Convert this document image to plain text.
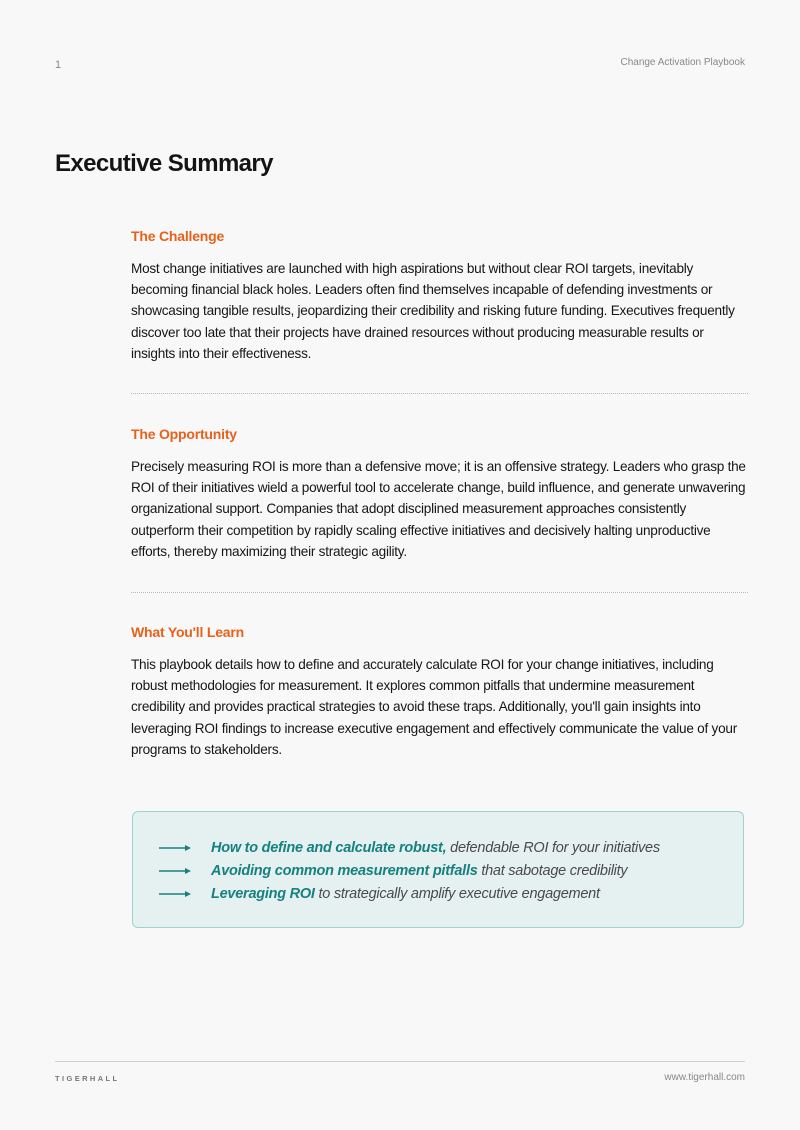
1	Change Activation Playbook
Executive Summary
The Challenge

Most change initiatives are launched with high aspirations but without clear ROI targets, inevitably becoming financial black holes. Leaders often find themselves incapable of defending investments or showcasing tangible results, jeopardizing their credibility and risking future funding. Executives frequently discover too late that their projects have drained resources without producing measurable results or insights into their effectiveness.

The Opportunity

Precisely measuring ROI is more than a defensive move; it is an offensive strategy. Leaders who grasp the ROI of their initiatives wield a powerful tool to accelerate change, build influence, and generate unwavering organizational support. Companies that adopt disciplined measurement approaches consistently outperform their competition by rapidly scaling effective initiatives and decisively halting unproductive efforts, thereby maximizing their strategic agility.

What You'll Learn

This playbook details how to define and accurately calculate ROI for your change initiatives, including robust methodologies for measurement. It explores common pitfalls that undermine measurement credibility and provides practical strategies to avoid these traps. Additionally, you'll gain insights into leveraging ROI findings to increase executive engagement and effectively communicate the value of your programs to stakeholders.

How to define and calculate robust, defendable ROI for your initiatives
Avoiding common measurement pitfalls that sabotage credibility
Leveraging ROI to strategically amplify executive engagement
TIGERHALL	www.tigerhall.com
